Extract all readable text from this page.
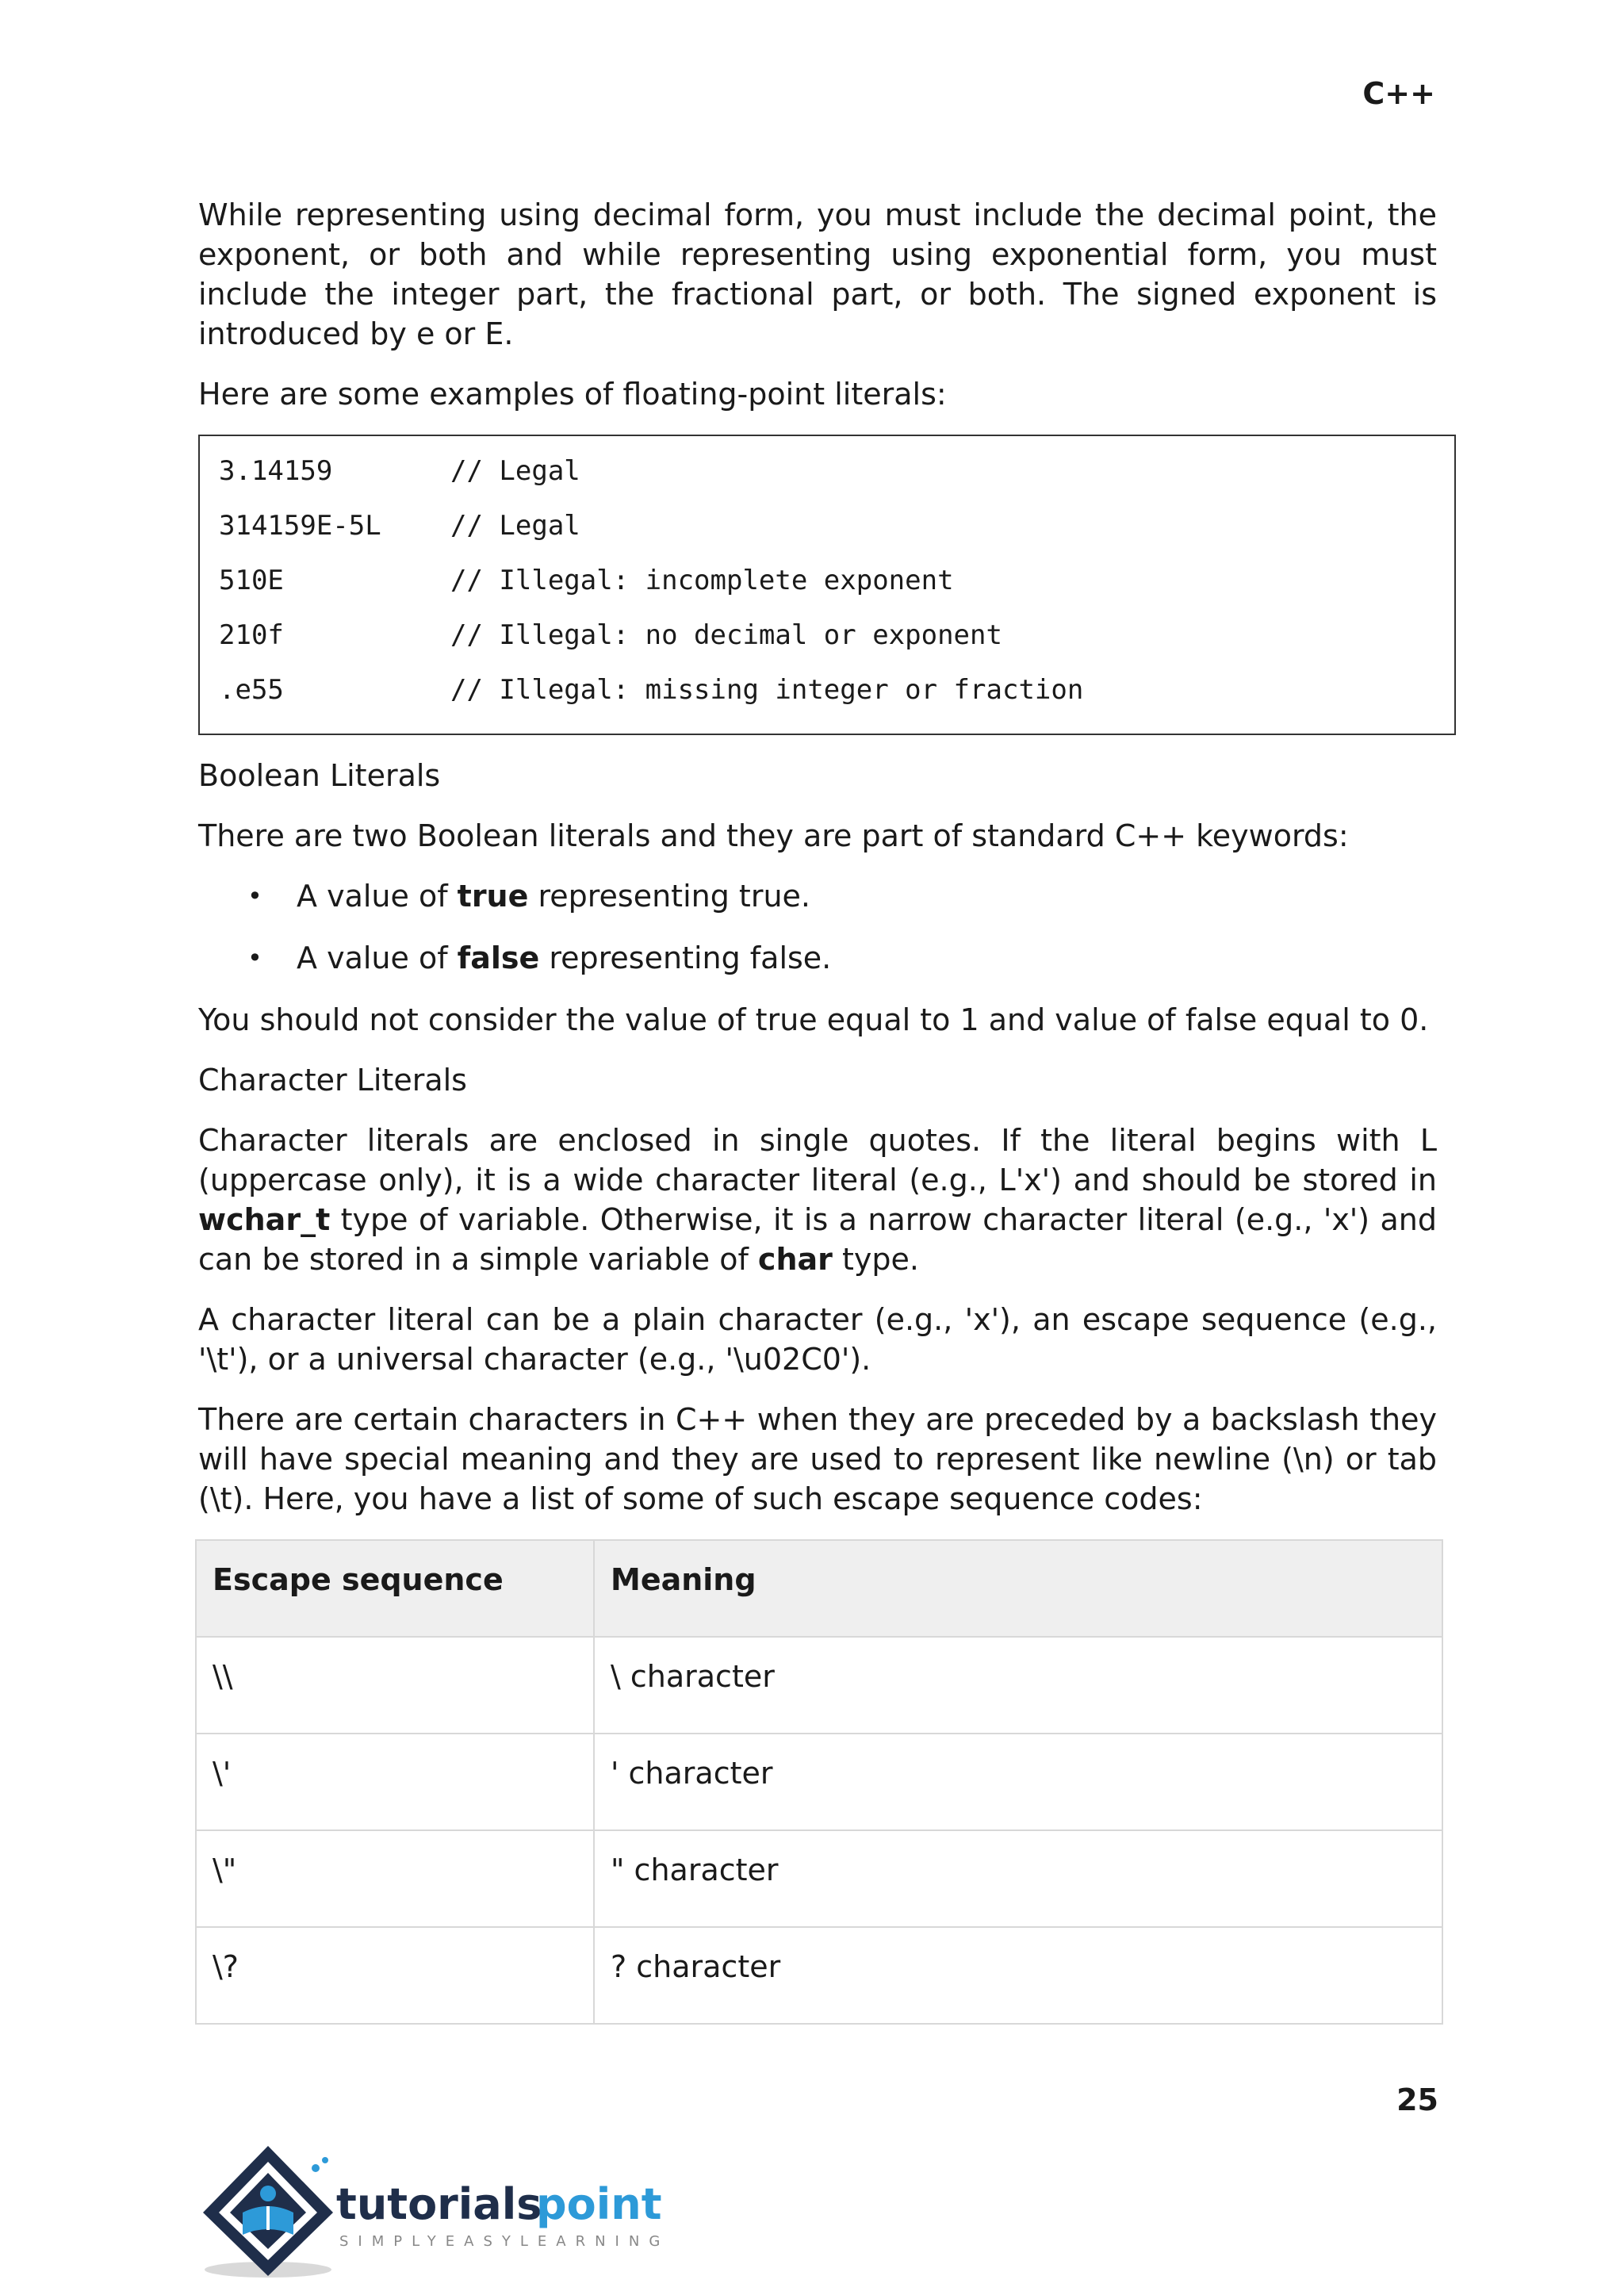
C++

While representing using decimal form, you must include the decimal point, the exponent, or both and while representing using exponential form, you must include the integer part, the fractional part, or both. The signed exponent is introduced by e or E.

Here are some examples of floating-point literals:

3.14159	// Legal
314159E-5L	// Legal
510E	// Illegal: incomplete exponent
210f	// Illegal: no decimal or exponent
.e55	// Illegal: missing integer or fraction

Boolean Literals

There are two Boolean literals and they are part of standard C++ keywords:

• A value of true representing true.
• A value of false representing false.

You should not consider the value of true equal to 1 and value of false equal to 0.

Character Literals

Character literals are enclosed in single quotes. If the literal begins with L (uppercase only), it is a wide character literal (e.g., L'x') and should be stored in wchar_t type of variable. Otherwise, it is a narrow character literal (e.g., 'x') and can be stored in a simple variable of char type.

A character literal can be a plain character (e.g., 'x'), an escape sequence (e.g., '\t'), or a universal character (e.g., '\u02C0').

There are certain characters in C++ when they are preceded by a backslash they will have special meaning and they are used to represent like newline (\n) or tab (\t). Here, you have a list of some of such escape sequence codes:

Escape sequence	Meaning
\\	\ character
\'	' character
\"	" character
\?	? character
25
tutorials
point
SIMPLYEASYLEARNING
